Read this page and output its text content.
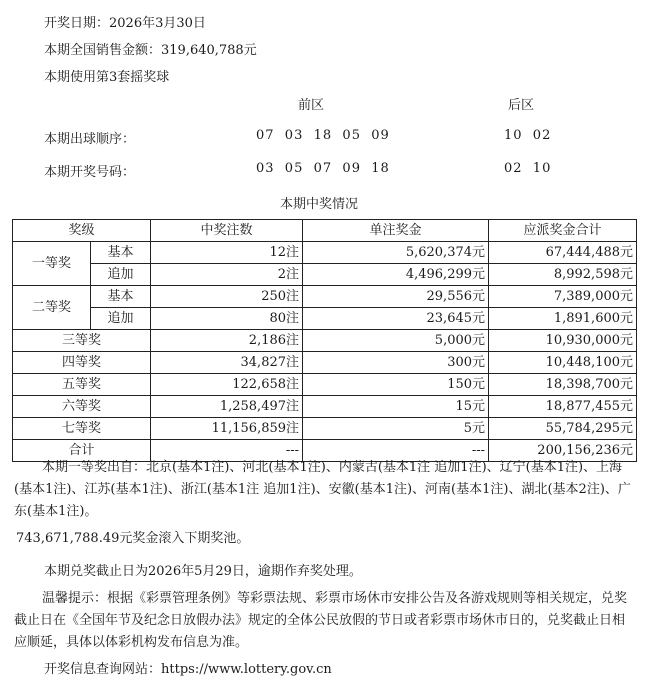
开奖日期：2026年3月30日
本期全国销售金额：319,640,788元
本期使用第3套摇奖球
前区	后区
本期出球顺序：	07  03  18  05  09	10  02
本期开奖号码：	03  05  07  09  18	02  10
本期中奖情况
奖级		中奖注数	单注奖金	应派奖金合计
一等奖	基本	12注	5,620,374元	67,444,488元
	追加	2注	4,496,299元	8,992,598元
二等奖	基本	250注	29,556元	7,389,000元
	追加	80注	23,645元	1,891,600元
三等奖		2,186注	5,000元	10,930,000元
四等奖		34,827注	300元	10,448,100元
五等奖		122,658注	150元	18,398,700元
六等奖		1,258,497注	15元	18,877,455元
七等奖		11,156,859注	5元	55,784,295元
合计		---	---	200,156,236元
本期一等奖出自：北京(基本1注)、河北(基本1注)、内蒙古(基本1注 追加1注)、辽宁(基本1注)、上海(基本1注)、江苏(基本1注)、浙江(基本1注 追加1注)、安徽(基本1注)、河南(基本1注)、湖北(基本2注)、广东(基本1注)。
743,671,788.49元奖金滚入下期奖池。
本期兑奖截止日为2026年5月29日，逾期作弃奖处理。
温馨提示：根据《彩票管理条例》等彩票法规、彩票市场休市安排公告及各游戏规则等相关规定，兑奖截止日在《全国年节及纪念日放假办法》规定的全体公民放假的节日或者彩票市场休市日的，兑奖截止日相应顺延，具体以体彩机构发布信息为准。
开奖信息查询网站：https://www.lottery.gov.cn
